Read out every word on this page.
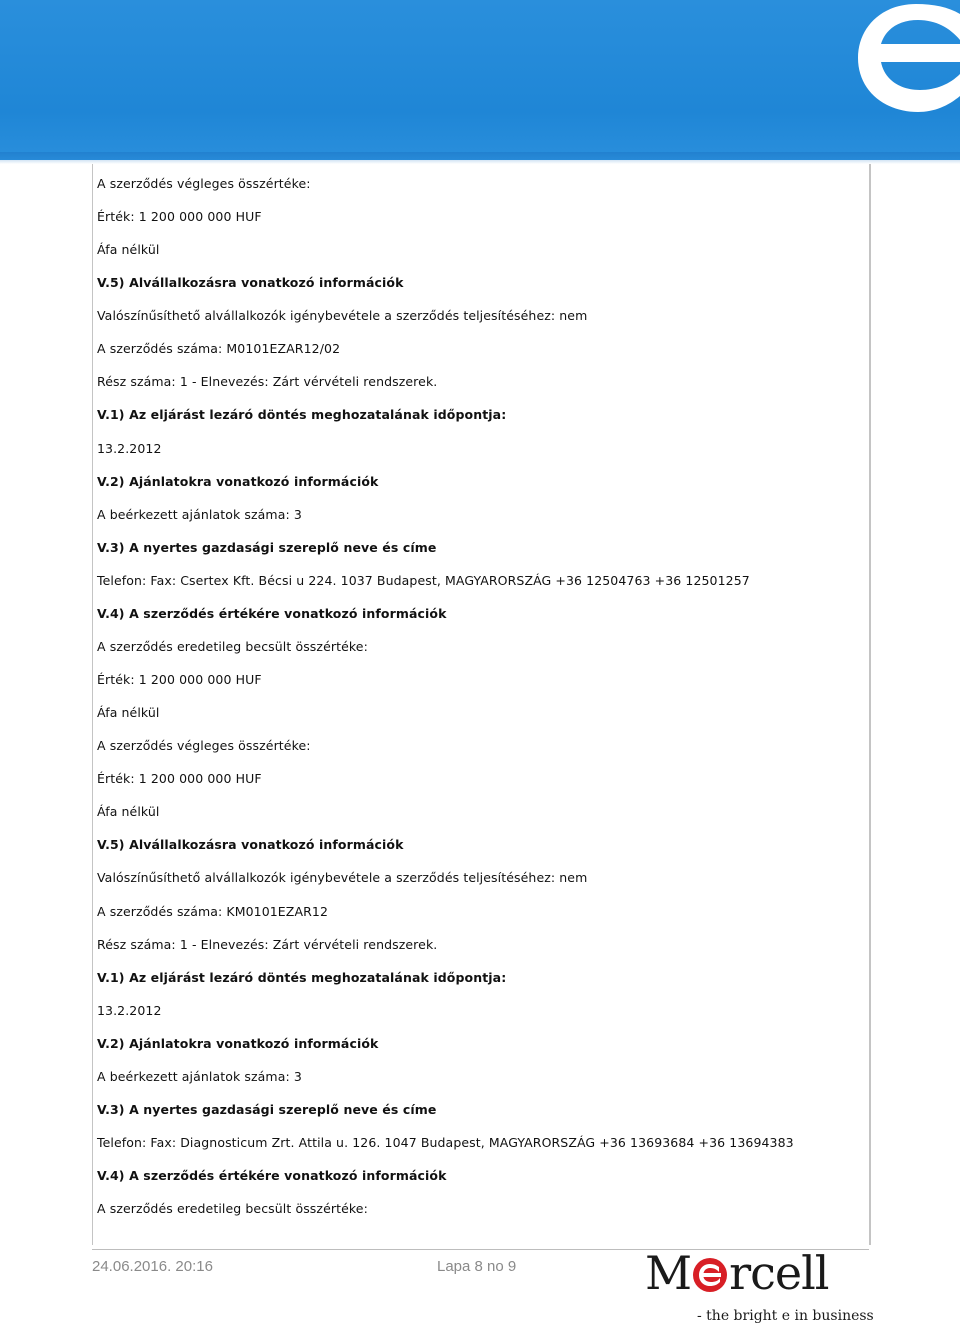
A szerződés végleges összértéke:
Érték: 1 200 000 000 HUF
Áfa nélkül
V.5) Alvállalkozásra vonatkozó információk
Valószínűsíthető alvállalkozók igénybevétele a szerződés teljesítéséhez: nem
A szerződés száma: M0101EZAR12/02
Rész száma: 1 - Elnevezés: Zárt vérvételi rendszerek.
V.1) Az eljárást lezáró döntés meghozatalának időpontja:
13.2.2012
V.2) Ajánlatokra vonatkozó információk
A beérkezett ajánlatok száma: 3
V.3) A nyertes gazdasági szereplő neve és címe
Telefon: Fax: Csertex Kft. Bécsi u 224. 1037 Budapest, MAGYARORSZÁG +36 12504763 +36 12501257
V.4) A szerződés értékére vonatkozó információk
A szerződés eredetileg becsült összértéke:
Érték: 1 200 000 000 HUF
Áfa nélkül
A szerződés végleges összértéke:
Érték: 1 200 000 000 HUF
Áfa nélkül
V.5) Alvállalkozásra vonatkozó információk
Valószínűsíthető alvállalkozók igénybevétele a szerződés teljesítéséhez: nem
A szerződés száma: KM0101EZAR12
Rész száma: 1 - Elnevezés: Zárt vérvételi rendszerek.
V.1) Az eljárást lezáró döntés meghozatalának időpontja:
13.2.2012
V.2) Ajánlatokra vonatkozó információk
A beérkezett ajánlatok száma: 3
V.3) A nyertes gazdasági szereplő neve és címe
Telefon: Fax: Diagnosticum Zrt. Attila u. 126. 1047 Budapest, MAGYARORSZÁG +36 13693684 +36 13694383
V.4) A szerződés értékére vonatkozó információk
A szerződés eredetileg becsült összértéke:
24.06.2016. 20:16	Lapa 8 no 9	M rcell
- the bright e in business
